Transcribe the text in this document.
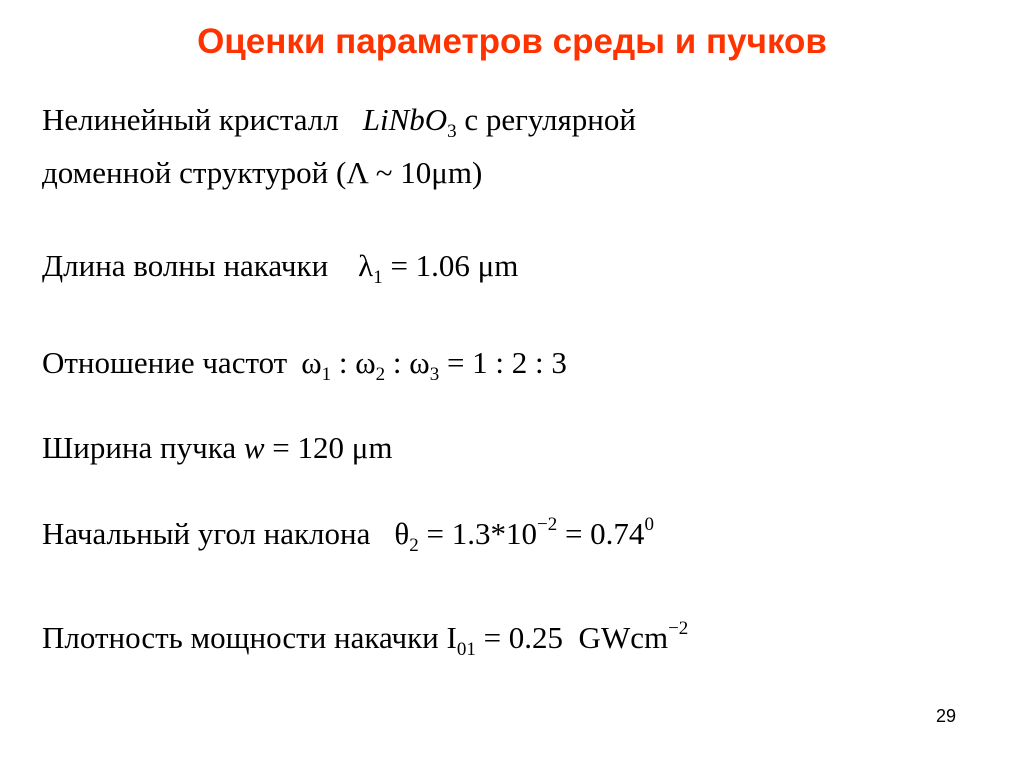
Оценки параметров среды и пучков
Нелинейный кристалл LiNbO$_3$ с регулярной
доменной структурой (Λ ~ 10μm)
Длина волны накачки $\lambda_1 = 1.06$ μm
Отношение частот $\omega_1$ : $\omega_2$ : $\omega_3 = 1$ : 2 : 3
Ширина пучка w = 120 μm
Начальный угол наклона $\theta_2 = 1.3*10^{-2} = 0.74^0$
Плотность мощности накачки $I_{01} = 0.25$  GWcm$^{-2}$
29
